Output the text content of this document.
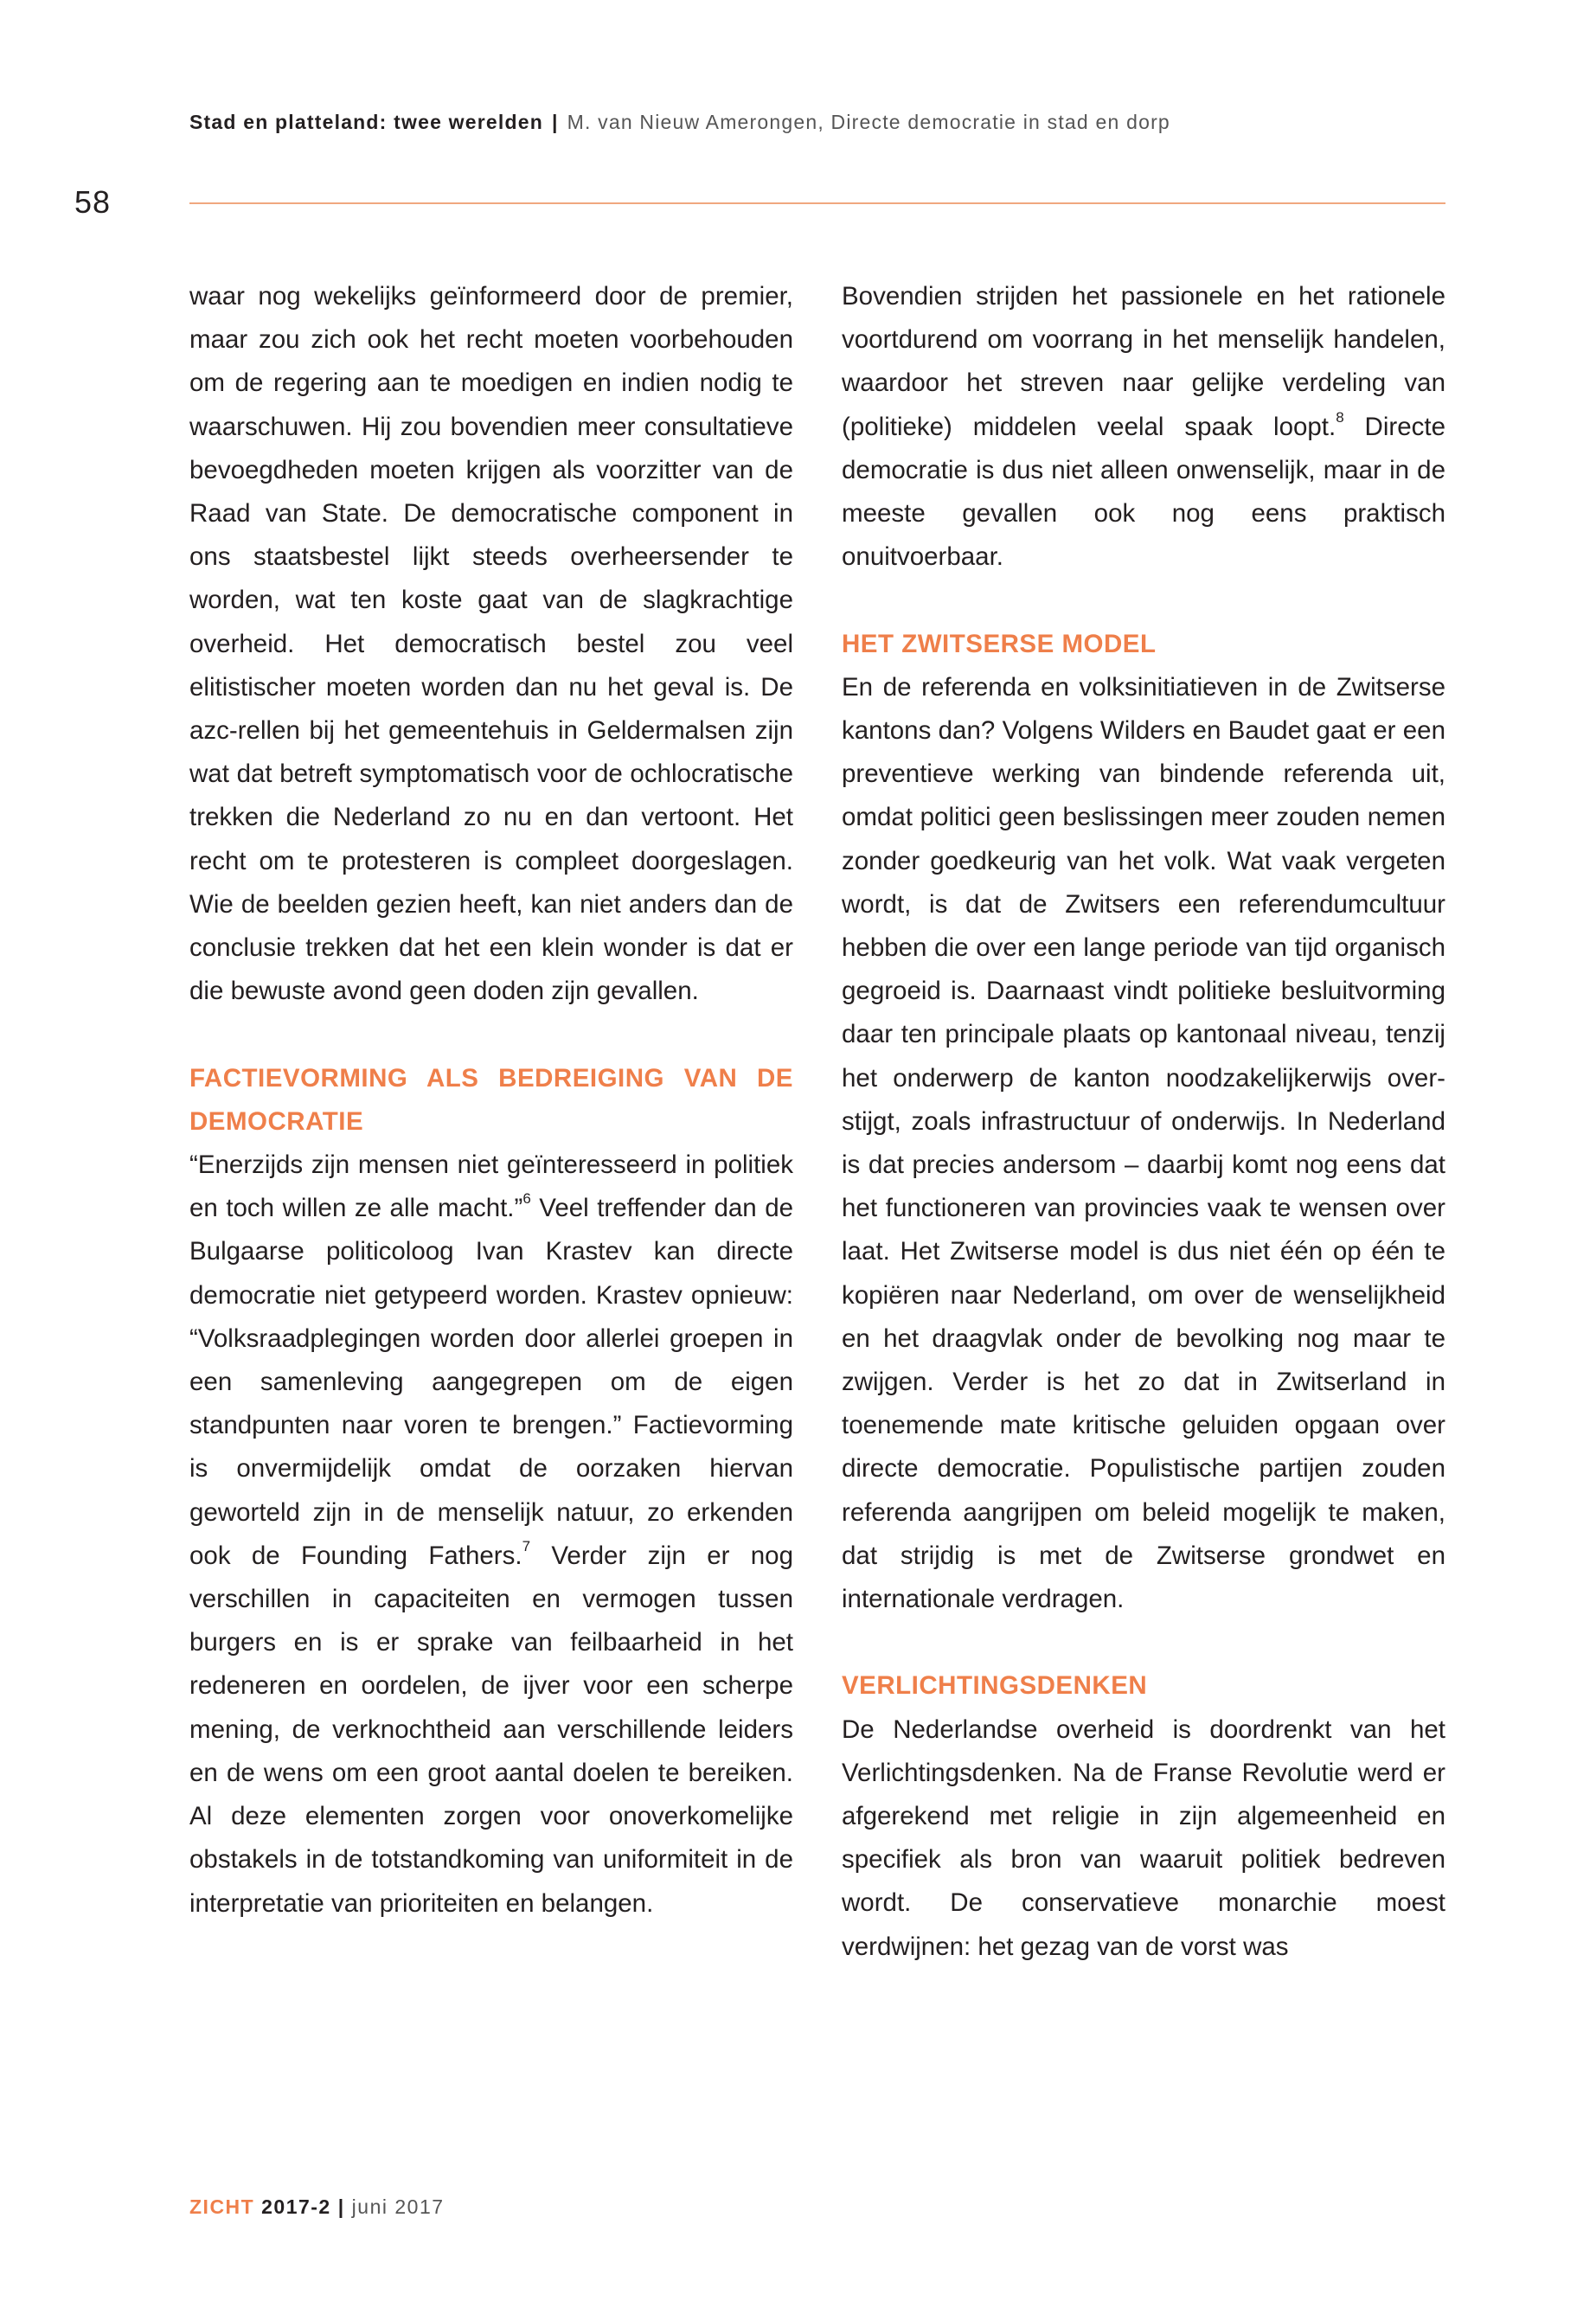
Stad en platteland: twee werelden | M. van Nieuw Amerongen, Directe democratie in stad en dorp
58

waar nog wekelijks geïnformeerd door de premier, maar zou zich ook het recht moeten voorbehouden om de regering aan te moedigen en indien nodig te waarschuwen. Hij zou bovendien meer consultatieve bevoegdheden moeten krijgen als voorzitter van de Raad van State. De democratische component in ons staatsbestel lijkt steeds overheersender te worden, wat ten koste gaat van de slagkrachtige overheid. Het democratisch bestel zou veel elitistischer moeten worden dan nu het geval is. De azc-rellen bij het gemeentehuis in Geldermalsen zijn wat dat betreft symptomatisch voor de ochlocratische trekken die Nederland zo nu en dan vertoont. Het recht om te protesteren is compleet doorgeslagen. Wie de beelden gezien heeft, kan niet anders dan de conclusie trekken dat het een klein wonder is dat er die bewuste avond geen doden zijn gevallen.

FACTIEVORMING ALS BEDREIGING VAN DE DEMOCRATIE

“Enerzijds zijn mensen niet geïnteresseerd in politiek en toch willen ze alle macht.”$^6$ Veel treffender dan de Bulgaarse politicoloog Ivan Krastev kan directe democratie niet getypeerd worden. Krastev opnieuw: “Volksraadplegingen worden door allerlei groepen in een samenleving aangegrepen om de eigen standpunten naar voren te brengen.” Factievorming is onvermijdelijk omdat de oorzaken hiervan geworteld zijn in de menselijk natuur, zo erkenden ook de Founding Fathers.$^7$ Verder zijn er nog verschillen in capaciteiten en vermogen tussen burgers en is er sprake van feilbaarheid in het redeneren en oordelen, de ijver voor een scherpe mening, de verknochtheid aan verschillende leiders en de wens om een groot aantal doelen te bereiken. Al deze elementen zorgen voor onoverkomelijke obstakels in de totstandkoming van uniformiteit in de interpretatie van prioriteiten en belangen.

Bovendien strijden het passionele en het rationele voortdurend om voorrang in het menselijk handelen, waardoor het streven naar gelijke verdeling van (politieke) middelen veelal spaak loopt.$^8$ Directe democratie is dus niet alleen onwenselijk, maar in de meeste gevallen ook nog eens praktisch onuitvoerbaar.

HET ZWITSERSE MODEL

En de referenda en volksinitiatieven in de Zwitserse kantons dan? Volgens Wilders en Baudet gaat er een preventieve werking van bindende referenda uit, omdat politici geen beslissingen meer zouden nemen zonder goedkeurig van het volk. Wat vaak vergeten wordt, is dat de Zwitsers een referendumcultuur hebben die over een lange periode van tijd organisch gegroeid is. Daarnaast vindt politieke besluitvorming daar ten principale plaats op kantonaal niveau, tenzij het onderwerp de kanton noodzakelijkerwijs overstijgt, zoals infrastructuur of onderwijs. In Nederland is dat precies andersom – daarbij komt nog eens dat het functioneren van provincies vaak te wensen over laat. Het Zwitserse model is dus niet één op één te kopiëren naar Nederland, om over de wenselijkheid en het draagvlak onder de bevolking nog maar te zwijgen. Verder is het zo dat in Zwitserland in toenemende mate kritische geluiden opgaan over directe democratie. Populistische partijen zouden referenda aangrijpen om beleid mogelijk te maken, dat strijdig is met de Zwitserse grondwet en internationale verdragen.

VERLICHTINGSDENKEN

De Nederlandse overheid is doordrenkt van het Verlichtingsdenken. Na de Franse Revolutie werd er afgerekend met religie in zijn algemeenheid en specifiek als bron van waaruit politiek bedreven wordt. De conservatieve monarchie moest verdwijnen: het gezag van de vorst was

ZICHT 2017-2 | juni 2017
